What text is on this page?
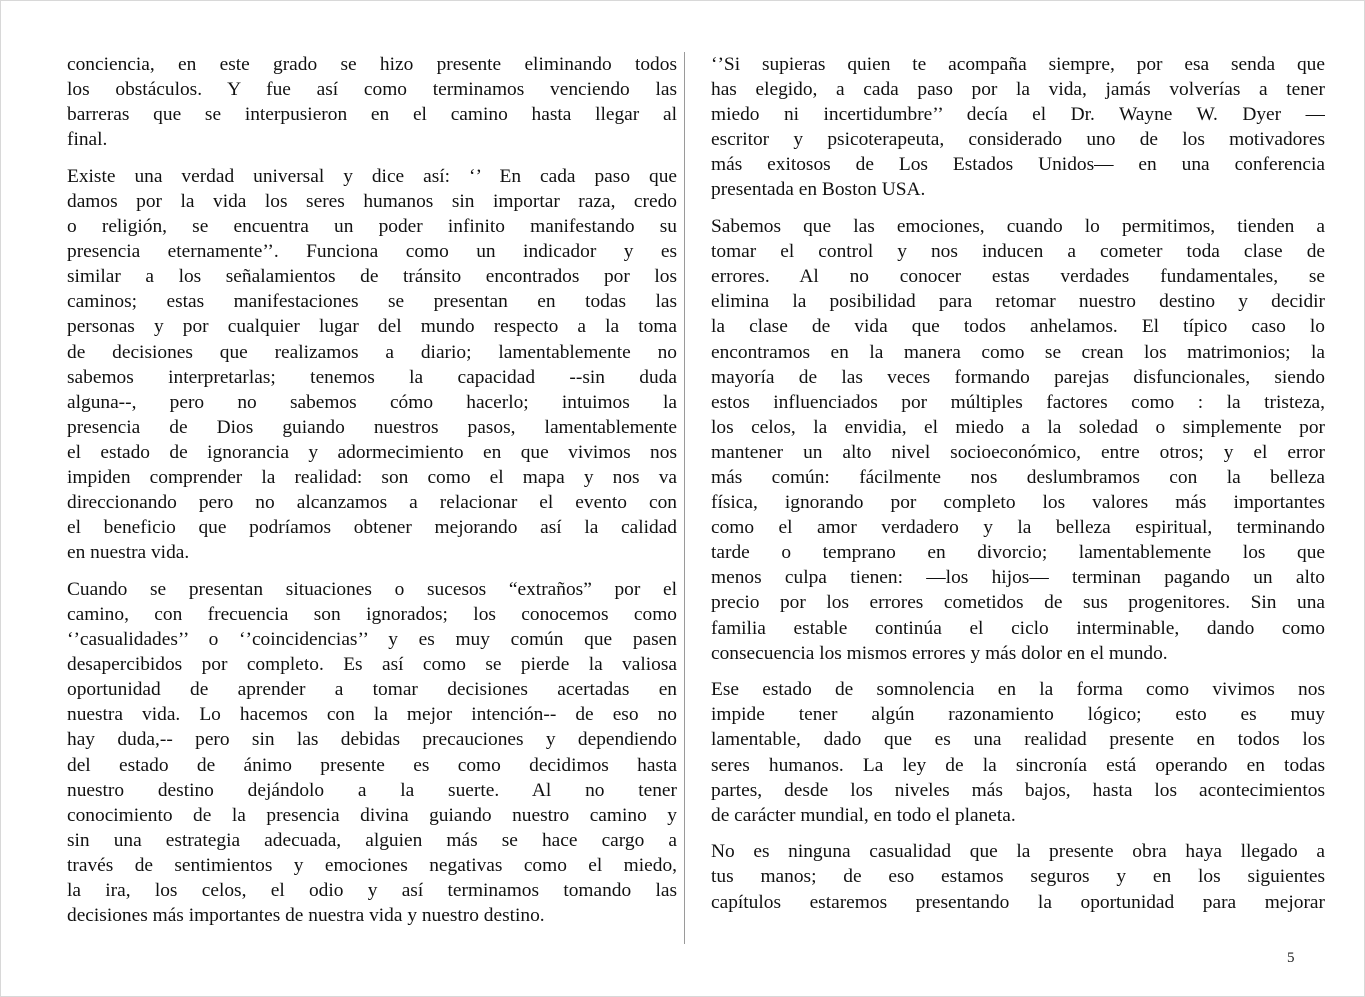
conciencia, en este grado se hizo presente eliminando todos
los obstáculos. Y fue así como terminamos venciendo las
barreras que se interpusieron en el camino hasta llegar al
final.
Existe una verdad universal y dice así: ‘’ En cada paso que
damos por la vida los seres humanos sin importar raza, credo
o religión, se encuentra un poder infinito manifestando su
presencia eternamente’’. Funciona como un indicador y es
similar a los señalamientos de tránsito encontrados por los
caminos; estas manifestaciones se presentan en todas las
personas y por cualquier lugar del mundo respecto a la toma
de decisiones que realizamos a diario; lamentablemente no
sabemos interpretarlas; tenemos la capacidad --sin duda
alguna--, pero no sabemos cómo hacerlo; intuimos la
presencia de Dios guiando nuestros pasos, lamentablemente
el estado de ignorancia y adormecimiento en que vivimos nos
impiden comprender la realidad: son como el mapa y nos va
direccionando pero no alcanzamos a relacionar el evento con
el beneficio que podríamos obtener mejorando así la calidad
en nuestra vida.
Cuando se presentan situaciones o sucesos “extraños” por el
camino, con frecuencia son ignorados; los conocemos como
‘’casualidades’’ o ‘’coincidencias’’ y es muy común que pasen
desapercibidos por completo. Es así como se pierde la valiosa
oportunidad de aprender a tomar decisiones acertadas en
nuestra vida. Lo hacemos con la mejor intención-- de eso no
hay duda,-- pero sin las debidas precauciones y dependiendo
del estado de ánimo presente es como decidimos hasta
nuestro destino dejándolo a la suerte. Al no tener
conocimiento de la presencia divina guiando nuestro camino y
sin una estrategia adecuada, alguien más se hace cargo a
través de sentimientos y emociones negativas como el miedo,
la ira, los celos, el odio y así terminamos tomando las
decisiones más importantes de nuestra vida y nuestro destino.
‘’Si supieras quien te acompaña siempre, por esa senda que
has elegido, a cada paso por la vida, jamás volverías a tener
miedo ni incertidumbre’’ decía el Dr. Wayne W. Dyer —
escritor y psicoterapeuta, considerado uno de los motivadores
más exitosos de Los Estados Unidos— en una conferencia
presentada en Boston USA.
Sabemos que las emociones, cuando lo permitimos, tienden a
tomar el control y nos inducen a cometer toda clase de
errores. Al no conocer estas verdades fundamentales, se
elimina la posibilidad para retomar nuestro destino y decidir
la clase de vida que todos anhelamos. El típico caso lo
encontramos en la manera como se crean los matrimonios; la
mayoría de las veces formando parejas disfuncionales, siendo
estos influenciados por múltiples factores como : la tristeza,
los celos, la envidia, el miedo a la soledad o simplemente por
mantener un alto nivel socioeconómico, entre otros; y el error
más común: fácilmente nos deslumbramos con la belleza
física, ignorando por completo los valores más importantes
como el amor verdadero y la belleza espiritual, terminando
tarde o temprano en divorcio; lamentablemente los que
menos culpa tienen: —los hijos— terminan pagando un alto
precio por los errores cometidos de sus progenitores. Sin una
familia estable continúa el ciclo interminable, dando como
consecuencia los mismos errores y más dolor en el mundo.
Ese estado de somnolencia en la forma como vivimos nos
impide tener algún razonamiento lógico; esto es muy
lamentable, dado que es una realidad presente en todos los
seres humanos. La ley de la sincronía está operando en todas
partes, desde los niveles más bajos, hasta los acontecimientos
de carácter mundial, en todo el planeta.
No es ninguna casualidad que la presente obra haya llegado a
tus manos; de eso estamos seguros y en los siguientes
capítulos estaremos presentando la oportunidad para mejorar
5
